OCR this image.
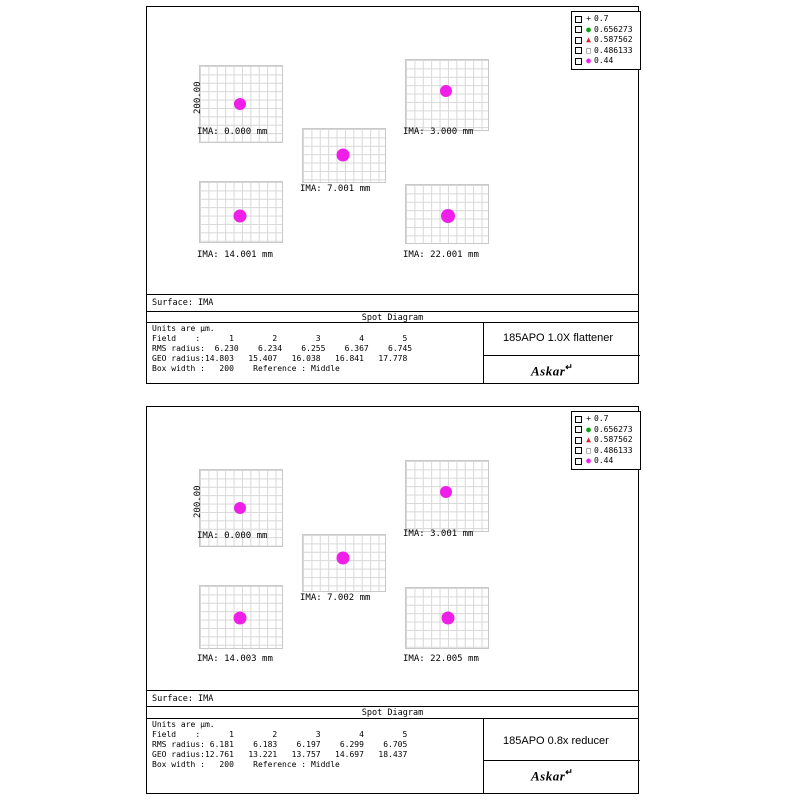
IMA: 0.000 mm	IMA: 3.000 mm
IMA: 7.001 mm
IMA: 14.001 mm	IMA: 22.001 mm
200.00
+ 0.7
● 0.656273
▲ 0.587562
□ 0.486133
● 0.44
Surface: IMA
Spot Diagram
Units are µm.
Field    :      1        2        3        4        5
RMS radius:  6.230    6.234    6.255    6.367    6.745
GEO radius:14.803   15.407   16.038   16.841   17.778
Box width :   200    Reference : Middle
185APO 1.0X flattener
Askar↵
IMA: 0.000 mm	IMA: 3.001 mm
IMA: 7.002 mm
IMA: 14.003 mm	IMA: 22.005 mm
200.00
+ 0.7
● 0.656273
▲ 0.587562
□ 0.486133
● 0.44
Surface: IMA
Spot Diagram
Units are µm.
Field    :      1        2        3        4        5
RMS radius: 6.181    6.183    6.197    6.299    6.705
GEO radius:12.761   13.221   13.757   14.697   18.437
Box width :   200    Reference : Middle
185APO 0.8x reducer
Askar↵
